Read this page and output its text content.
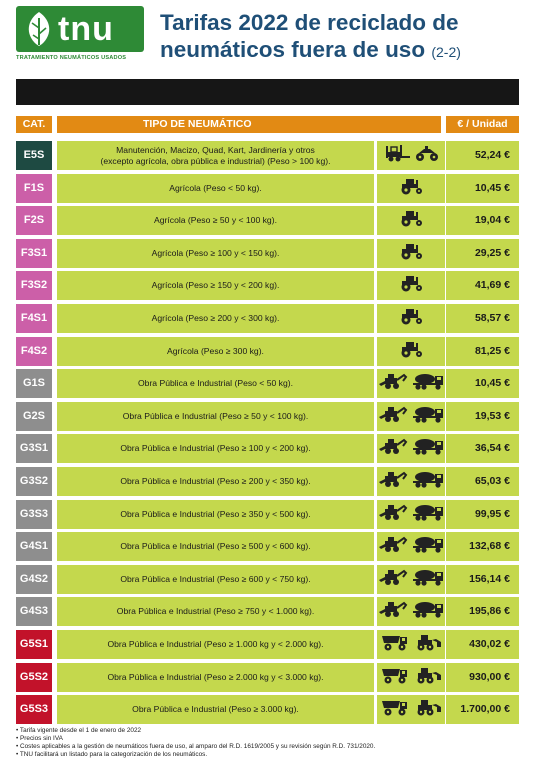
tnu
TRATAMIENTO NEUMÁTICOS USADOS
Tarifas 2022 de reciclado de
neumáticos fuera de uso (2-2)
CAT.	TIPO DE NEUMÁTICO	€ / Unidad
E5S	Manutención, Macizo, Quad, Kart, Jardinería y otros
(excepto agrícola, obra pública e industrial) (Peso > 100 kg).	52,24 €
F1S	Agrícola (Peso < 50 kg).	10,45 €
F2S	Agrícola (Peso ≥ 50 y < 100 kg).	19,04 €
F3S1	Agrícola (Peso ≥ 100 y < 150 kg).	29,25 €
F3S2	Agrícola (Peso ≥ 150 y < 200 kg).	41,69 €
F4S1	Agrícola (Peso ≥ 200 y < 300 kg).	58,57 €
F4S2	Agrícola (Peso ≥ 300 kg).	81,25 €
G1S	Obra Pública e Industrial (Peso < 50 kg).	10,45 €
G2S	Obra Pública e Industrial (Peso ≥ 50 y < 100 kg).	19,53 €
G3S1	Obra Pública e Industrial (Peso ≥ 100 y < 200 kg).	36,54 €
G3S2	Obra Pública e Industrial (Peso ≥ 200 y < 350 kg).	65,03 €
G3S3	Obra Pública e Industrial (Peso ≥ 350 y < 500 kg).	99,95 €
G4S1	Obra Pública e Industrial (Peso ≥ 500 y < 600 kg).	132,68 €
G4S2	Obra Pública e Industrial (Peso ≥ 600 y < 750 kg).	156,14 €
G4S3	Obra Pública e Industrial (Peso ≥ 750 y < 1.000 kg).	195,86 €
G5S1	Obra Pública e Industrial (Peso ≥ 1.000 kg y < 2.000 kg).	430,02 €
G5S2	Obra Pública e Industrial (Peso ≥ 2.000 kg y < 3.000 kg).	930,00 €
G5S3	Obra Pública e Industrial (Peso ≥ 3.000 kg).	1.700,00 €
• Tarifa vigente desde el 1 de enero de 2022
• Precios sin IVA
• Costes aplicables a la gestión de neumáticos fuera de uso, al amparo del R.D. 1619/2005 y su revisión según R.D. 731/2020.
• TNU facilitará un listado para la categorización de los neumáticos.
